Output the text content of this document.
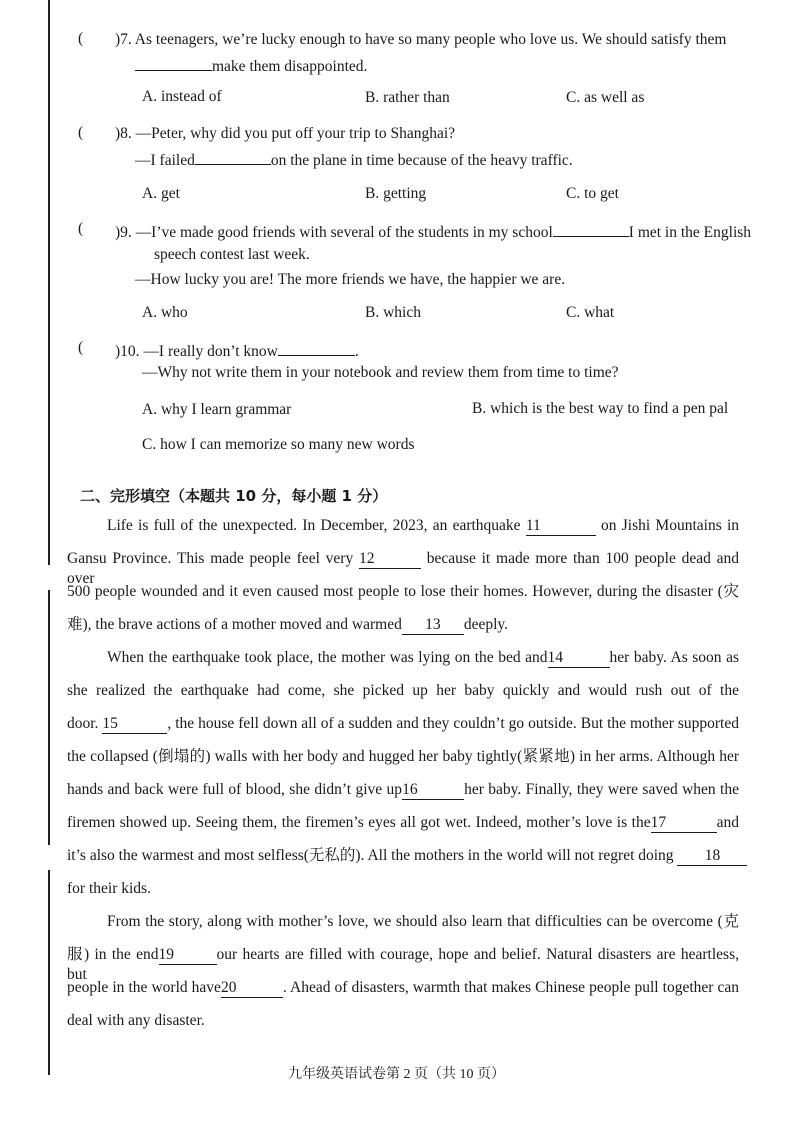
( )7. As teenagers, we’re lucky enough to have so many people who love us. We should satisfy them
make them disappointed.
A. instead of	B. rather than	C. as well as
( )8. —Peter, why did you put off your trip to Shanghai?
—I failed	on the plane in time because of the heavy traffic.
A. get	B. getting	C. to get
( )9. —I’ve made good friends with several of the students in my school	I met in the English
speech contest last week.
—How lucky you are! The more friends we have, the happier we are.
A. who	B. which	C. what
( )10. —I really don’t know	.
—Why not write them in your notebook and review them from time to time?
A. why I learn grammar	B. which is the best way to find a pen pal
C. how I can memorize so many new words
二、完形填空（本题共 10 分，每小题 1 分）
Life is full of the unexpected. In December, 2023, an earthquake 11	on Jishi Mountains in
Gansu Province. This made people feel very 12	because it made more than 100 people dead and over
500 people wounded and it even caused most people to lose their homes. However, during the disaster (灾
难), the brave actions of a mother moved and warmed 13 deeply.
When the earthquake took place, the mother was lying on the bed and14	her baby. As soon as
she realized the earthquake had come, she picked up her baby quickly and would rush out of the
door. 15	, the house fell down all of a sudden and they couldn’t go outside. But the mother supported
the collapsed (倒塌的) walls with her body and hugged her baby tightly(紧紧地) in her arms. Although her
hands and back were full of blood, she didn’t give up16	her baby. Finally, they were saved when the
firemen showed up. Seeing them, the firemen’s eyes all got wet. Indeed, mother’s love is the17	and
it’s also the warmest and most selfless(无私的). All the mothers in the world will not regret doing 18
for their kids.
From the story, along with mother’s love, we should also learn that difficulties can be overcome (克
服) in the end19	our hearts are filled with courage, hope and belief. Natural disasters are heartless, but
people in the world have20	. Ahead of disasters, warmth that makes Chinese people pull together can
deal with any disaster.
九年级英语试卷第 2 页（共 10 页）
